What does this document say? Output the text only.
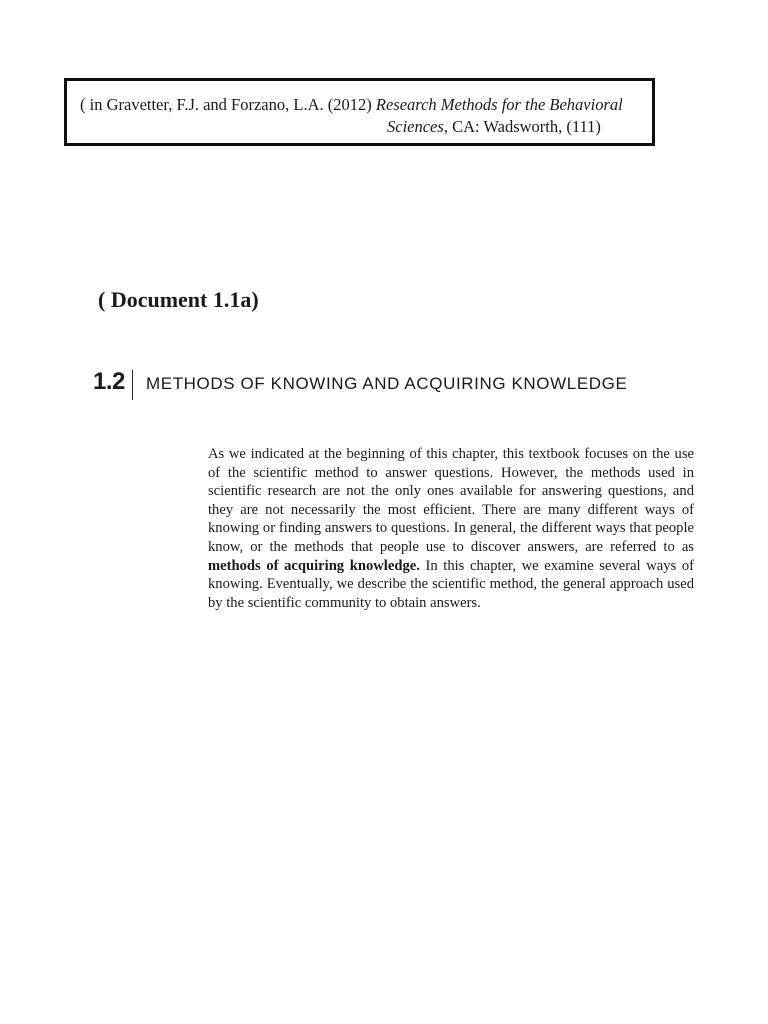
( in Gravetter, F.J. and Forzano, L.A. (2012) Research Methods for the Behavioral
Sciences, CA: Wadsworth, (111)
( Document 1.1a)
1.2 METHODS OF KNOWING AND ACQUIRING KNOWLEDGE

As we indicated at the beginning of this chapter, this textbook focuses on the use of the scientific method to answer questions. However, the methods used in scientific research are not the only ones available for answering questions, and they are not necessarily the most efficient. There are many different ways of knowing or finding answers to questions. In general, the different ways that people know, or the methods that people use to discover answers, are referred to as methods of acquiring knowledge. In this chapter, we examine several ways of knowing. Eventually, we describe the scientific method, the general approach used by the scientific community to obtain answers.
